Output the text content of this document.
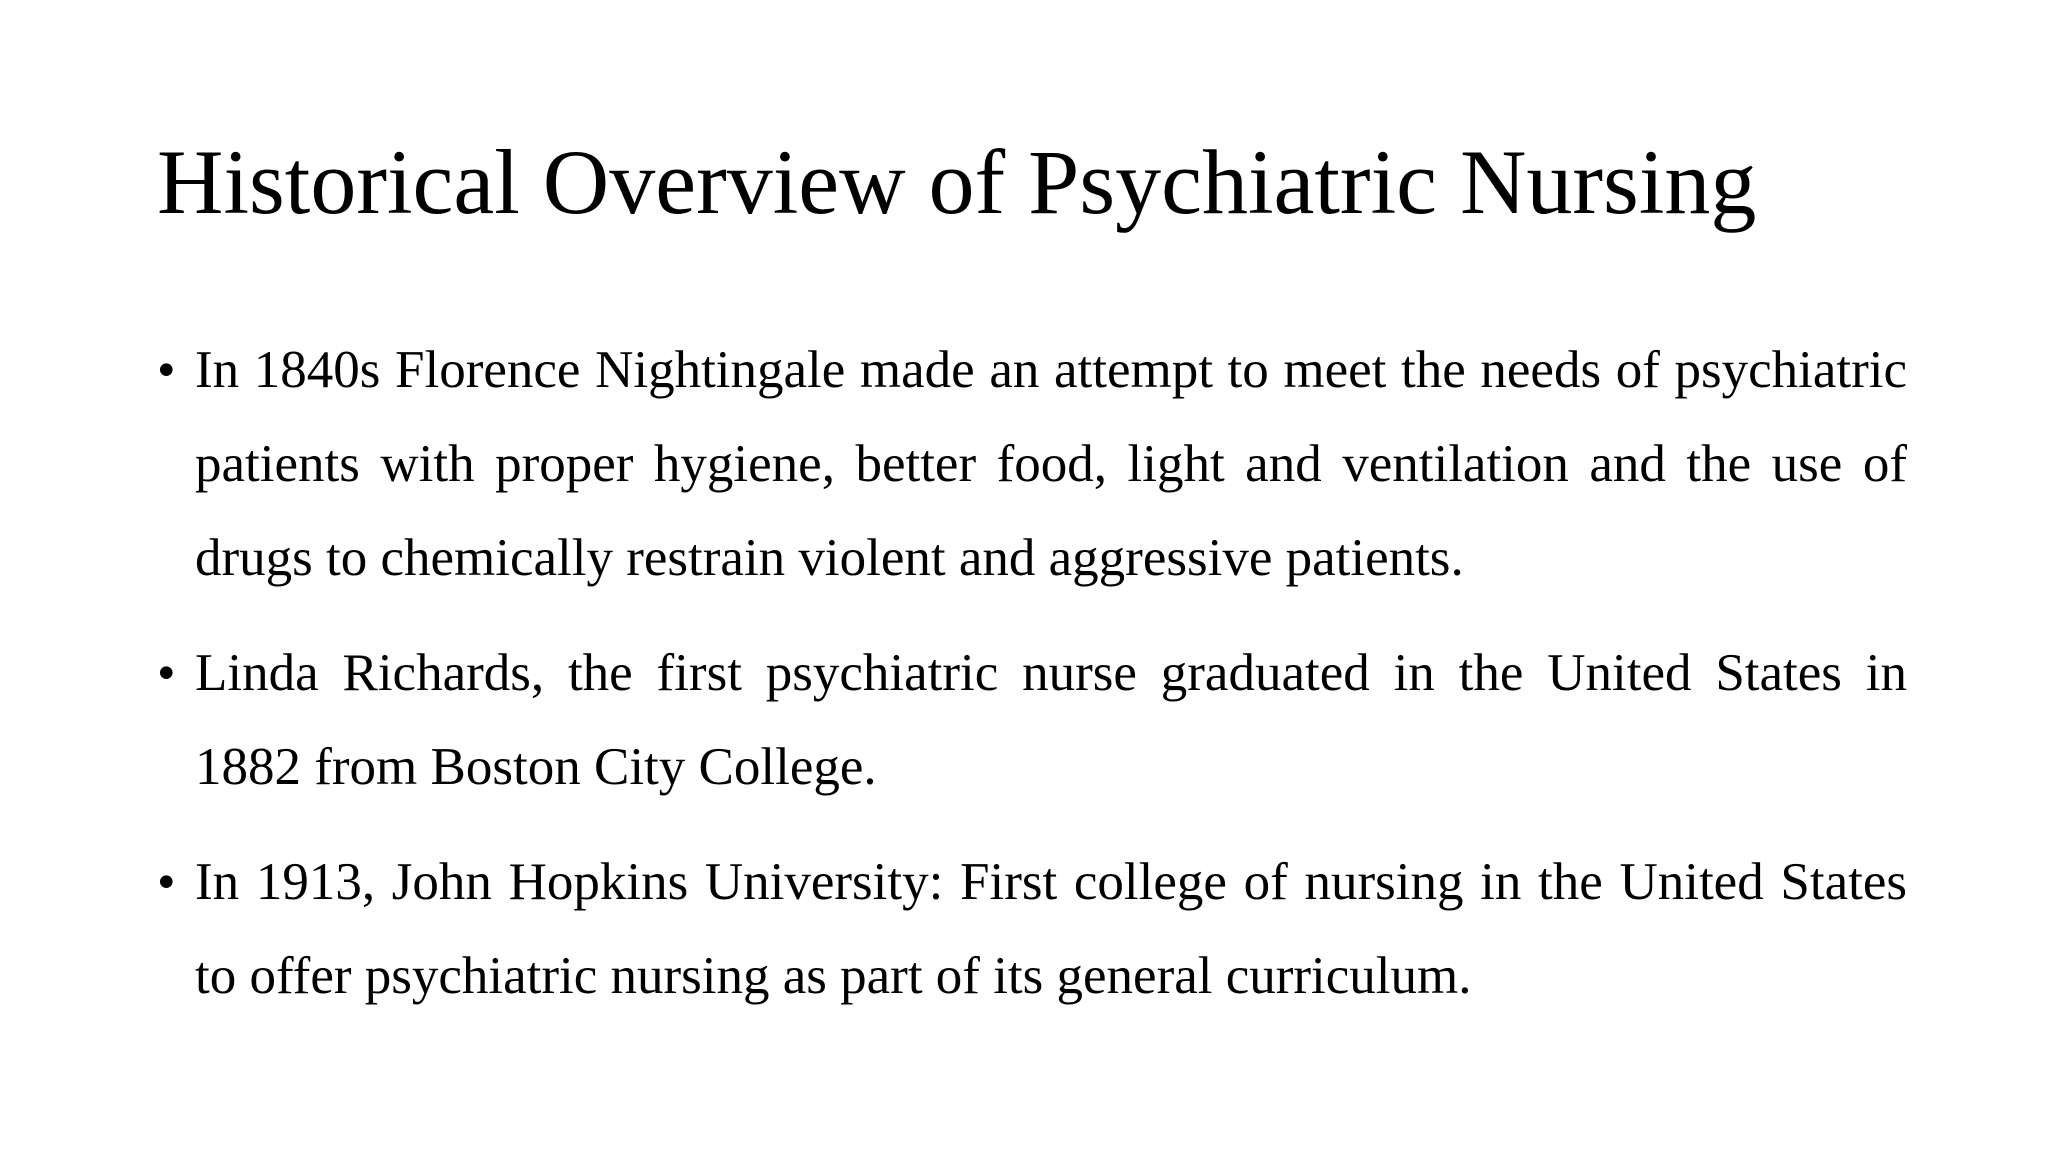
Historical Overview of Psychiatric Nursing
• In 1840s Florence Nightingale made an attempt to meet the needs of psychiatric patients with proper hygiene, better food, light and ventilation and the use of drugs to chemically restrain violent and aggressive patients.
• Linda Richards, the first psychiatric nurse graduated in the United States in 1882 from Boston City College.
• In 1913, John Hopkins University: First college of nursing in the United States to offer psychiatric nursing as part of its general curriculum.
